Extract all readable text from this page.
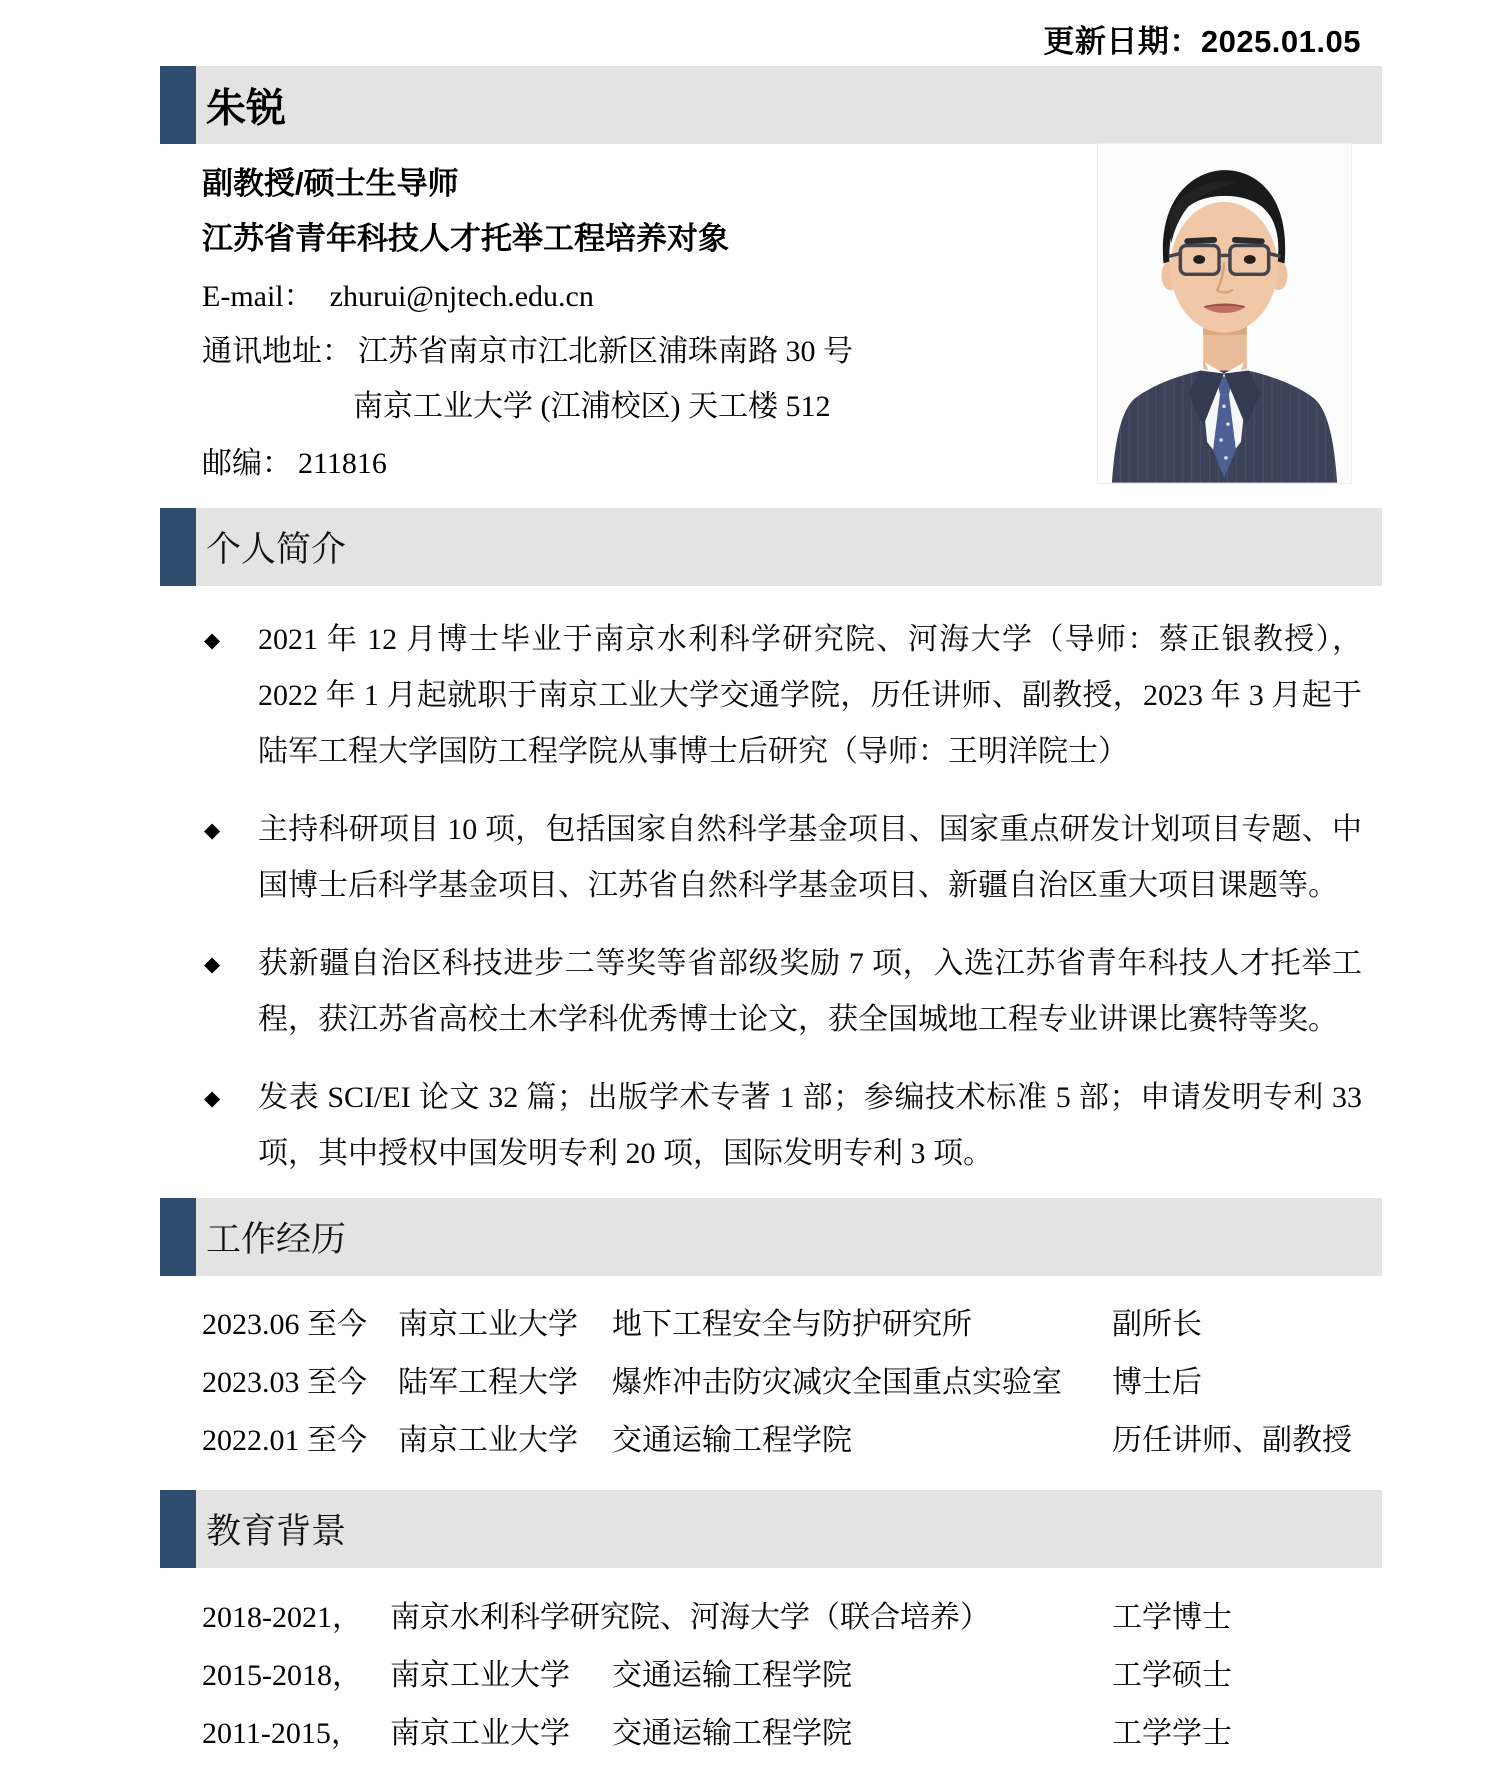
更新日期：2025.01.05
朱锐
副教授/硕士生导师
江苏省青年科技人才托举工程培养对象
E-mail： zhurui@njtech.edu.cn
通讯地址： 江苏省南京市江北新区浦珠南路 30 号
南京工业大学 (江浦校区) 天工楼 512
邮编： 211816
个人简介
◆ 2021 年 12 月博士毕业于南京水利科学研究院、河海大学（导师：蔡正银教授），2022 年 1 月起就职于南京工业大学交通学院，历任讲师、副教授，2023 年 3 月起于陆军工程大学国防工程学院从事博士后研究（导师：王明洋院士）
◆ 主持科研项目 10 项，包括国家自然科学基金项目、国家重点研发计划项目专题、中国博士后科学基金项目、江苏省自然科学基金项目、新疆自治区重大项目课题等。
◆ 获新疆自治区科技进步二等奖等省部级奖励 7 项，入选江苏省青年科技人才托举工程，获江苏省高校土木学科优秀博士论文，获全国城地工程专业讲课比赛特等奖。
◆ 发表 SCI/EI 论文 32 篇；出版学术专著 1 部；参编技术标准 5 部；申请发明专利 33 项，其中授权中国发明专利 20 项，国际发明专利 3 项。
工作经历
2023.06 至今	南京工业大学	地下工程安全与防护研究所	副所长
2023.03 至今	陆军工程大学	爆炸冲击防灾减灾全国重点实验室	博士后
2022.01 至今	南京工业大学	交通运输工程学院	历任讲师、副教授
教育背景
2018-2021， 南京水利科学研究院、河海大学（联合培养）	工学博士
2015-2018， 南京工业大学 交通运输工程学院	工学硕士
2011-2015， 南京工业大学 交通运输工程学院	工学学士
